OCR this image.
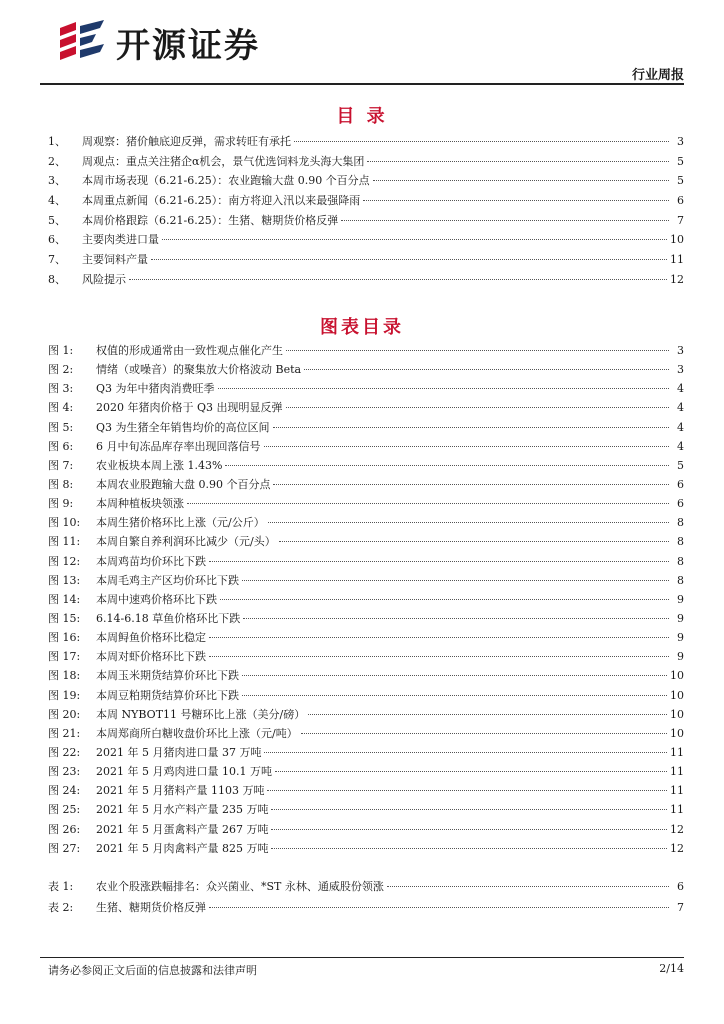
开源证券
行业周报
目 录
1、	周观察：猪价触底迎反弹，需求转旺有承托	3
2、	周观点：重点关注猪企α机会，景气优选饲料龙头海大集团	5
3、	本周市场表现（6.21-6.25）：农业跑输大盘 0.90 个百分点	5
4、	本周重点新闻（6.21-6.25）：南方将迎入汛以来最强降雨	6
5、	本周价格跟踪（6.21-6.25）：生猪、糖期货价格反弹	7
6、	主要肉类进口量	10
7、	主要饲料产量	11
8、	风险提示	12
图表目录
图 1:	权值的形成通常由一致性观点催化产生	3
图 2:	情绪（或噪音）的聚集放大价格波动 Beta	3
图 3:	Q3 为年中猪肉消费旺季	4
图 4:	2020 年猪肉价格于 Q3 出现明显反弹	4
图 5:	Q3 为生猪全年销售均价的高位区间	4
图 6:	6 月中旬冻品库存率出现回落信号	4
图 7:	农业板块本周上涨 1.43%	5
图 8:	本周农业股跑输大盘 0.90 个百分点	6
图 9:	本周种植板块领涨	6
图 10:	本周生猪价格环比上涨（元/公斤）	8
图 11:	本周自繁自养利润环比减少（元/头）	8
图 12:	本周鸡苗均价环比下跌	8
图 13:	本周毛鸡主产区均价环比下跌	8
图 14:	本周中速鸡价格环比下跌	9
图 15:	6.14-6.18 草鱼价格环比下跌	9
图 16:	本周鲟鱼价格环比稳定	9
图 17:	本周对虾价格环比下跌	9
图 18:	本周玉米期货结算价环比下跌	10
图 19:	本周豆粕期货结算价环比下跌	10
图 20:	本周 NYBOT11 号糖环比上涨（美分/磅）	10
图 21:	本周郑商所白糖收盘价环比上涨（元/吨）	10
图 22:	2021 年 5 月猪肉进口量 37 万吨	11
图 23:	2021 年 5 月鸡肉进口量 10.1 万吨	11
图 24:	2021 年 5 月猪料产量 1103 万吨	11
图 25:	2021 年 5 月水产料产量 235 万吨	11
图 26:	2021 年 5 月蛋禽料产量 267 万吨	12
图 27:	2021 年 5 月肉禽料产量 825 万吨	12
表 1:	农业个股涨跌幅排名：众兴菌业、*ST 永林、通威股份领涨	6
表 2:	生猪、糖期货价格反弹	7
请务必参阅正文后面的信息披露和法律声明	2/14
